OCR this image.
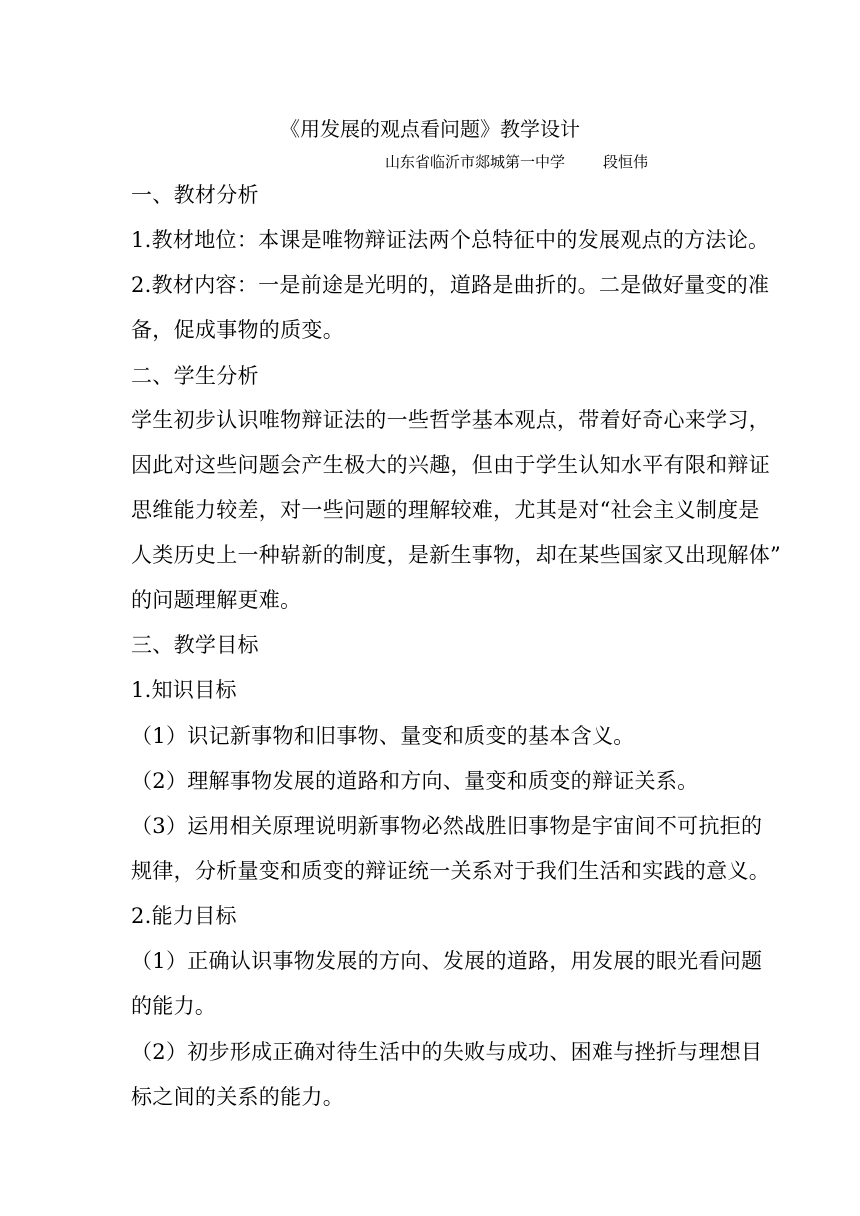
《用发展的观点看问题》教学设计
山东省临沂市郯城第一中学	段恒伟
一、教材分析
1.教材地位：本课是唯物辩证法两个总特征中的发展观点的方法论。
2.教材内容：一是前途是光明的，道路是曲折的。二是做好量变的准
备，促成事物的质变。
二、学生分析
学生初步认识唯物辩证法的一些哲学基本观点，带着好奇心来学习，
因此对这些问题会产生极大的兴趣，但由于学生认知水平有限和辩证
思维能力较差，对一些问题的理解较难，尤其是对“社会主义制度是
人类历史上一种崭新的制度，是新生事物，却在某些国家又出现解体”
的问题理解更难。
三、教学目标
1.知识目标
（1）识记新事物和旧事物、量变和质变的基本含义。
（2）理解事物发展的道路和方向、量变和质变的辩证关系。
（3）运用相关原理说明新事物必然战胜旧事物是宇宙间不可抗拒的
规律，分析量变和质变的辩证统一关系对于我们生活和实践的意义。
2.能力目标
（1）正确认识事物发展的方向、发展的道路，用发展的眼光看问题
的能力。
（2）初步形成正确对待生活中的失败与成功、困难与挫折与理想目
标之间的关系的能力。
